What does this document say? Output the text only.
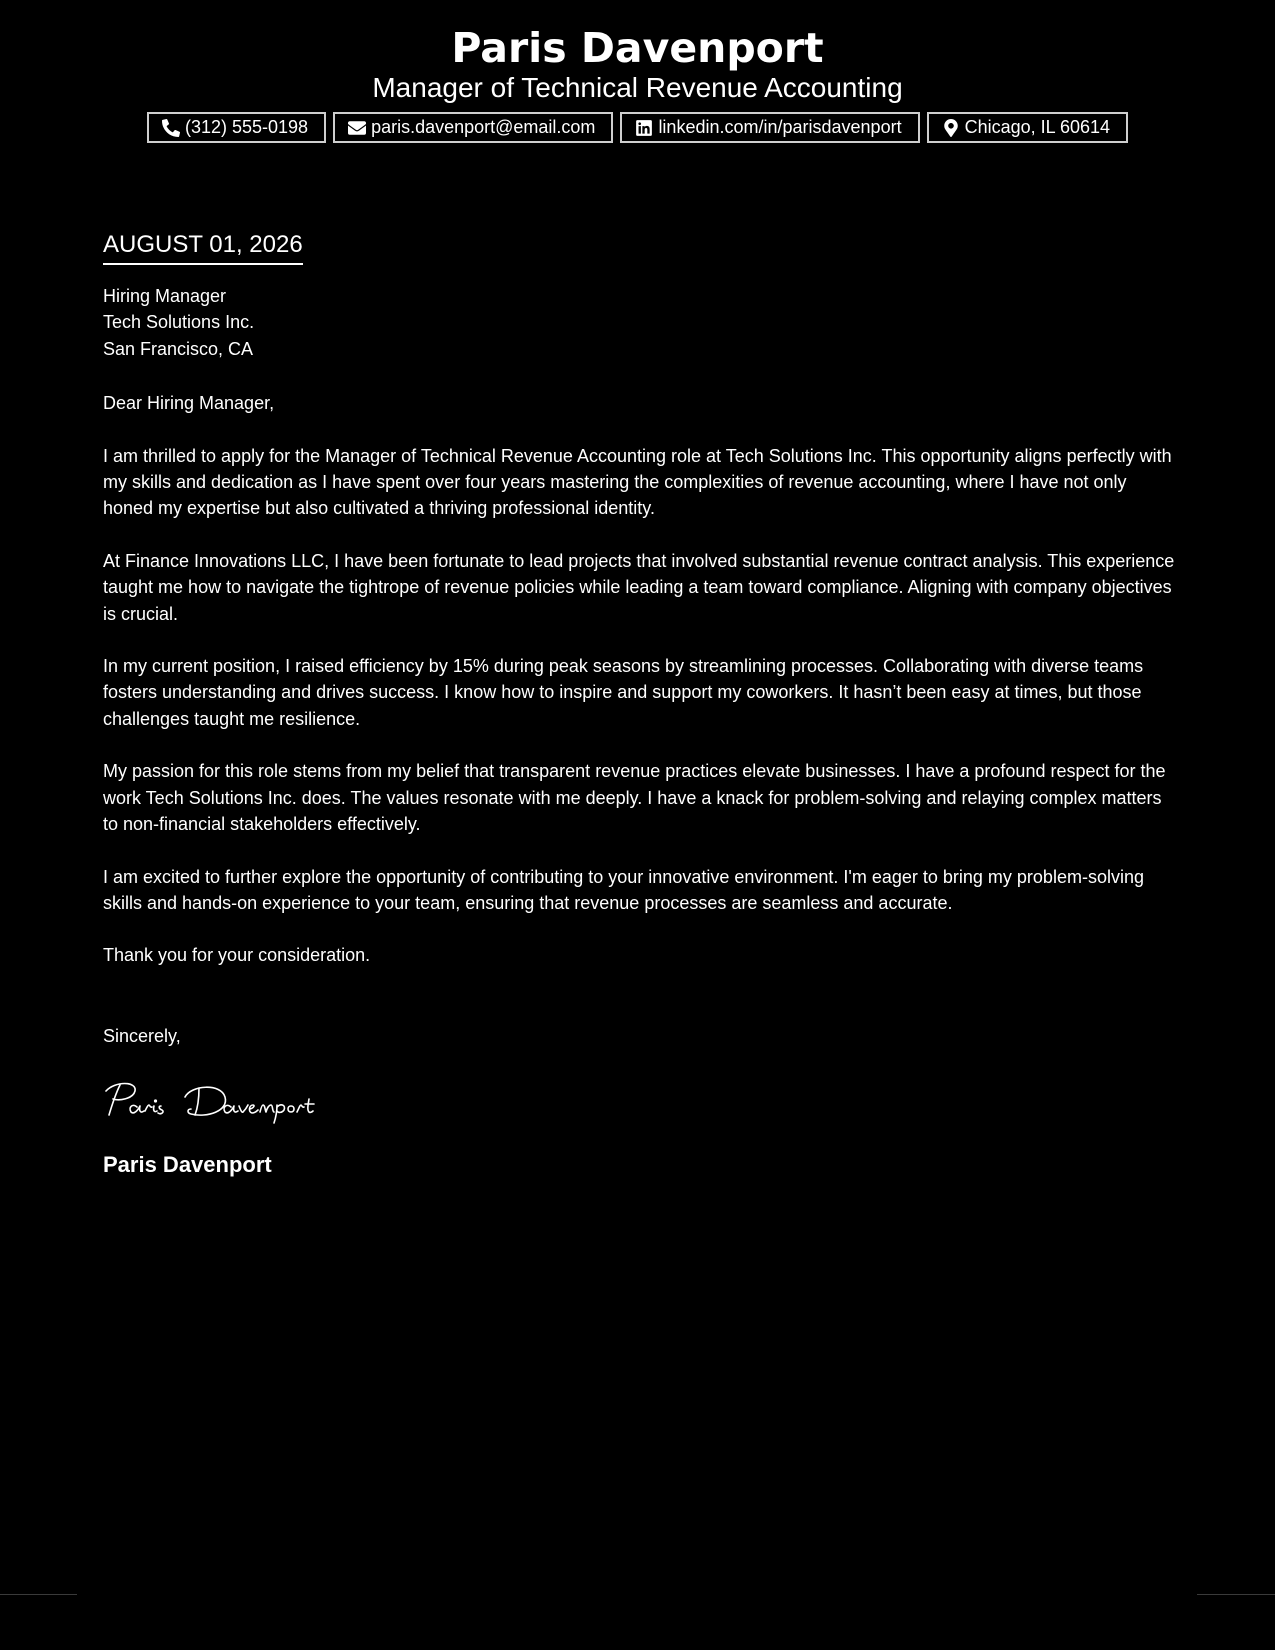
Paris Davenport
Manager of Technical Revenue Accounting
(312) 555-0198	paris.davenport@email.com	linkedin.com/in/parisdavenport	Chicago, IL 60614
AUGUST 01, 2026
Hiring Manager
Tech Solutions Inc.
San Francisco, CA
Dear Hiring Manager,
I am thrilled to apply for the Manager of Technical Revenue Accounting role at Tech Solutions Inc. This opportunity aligns perfectly with my skills and dedication as I have spent over four years mastering the complexities of revenue accounting, where I have not only honed my expertise but also cultivated a thriving professional identity.
At Finance Innovations LLC, I have been fortunate to lead projects that involved substantial revenue contract analysis. This experience taught me how to navigate the tightrope of revenue policies while leading a team toward compliance. Aligning with company objectives is crucial.
In my current position, I raised efficiency by 15% during peak seasons by streamlining processes. Collaborating with diverse teams fosters understanding and drives success. I know how to inspire and support my coworkers. It hasn’t been easy at times, but those challenges taught me resilience.
My passion for this role stems from my belief that transparent revenue practices elevate businesses. I have a profound respect for the work Tech Solutions Inc. does. The values resonate with me deeply. I have a knack for problem-solving and relaying complex matters to non-financial stakeholders effectively.
I am excited to further explore the opportunity of contributing to your innovative environment. I'm eager to bring my problem-solving skills and hands-on experience to your team, ensuring that revenue processes are seamless and accurate.
Thank you for your consideration.
Sincerely,
Paris Davenport
